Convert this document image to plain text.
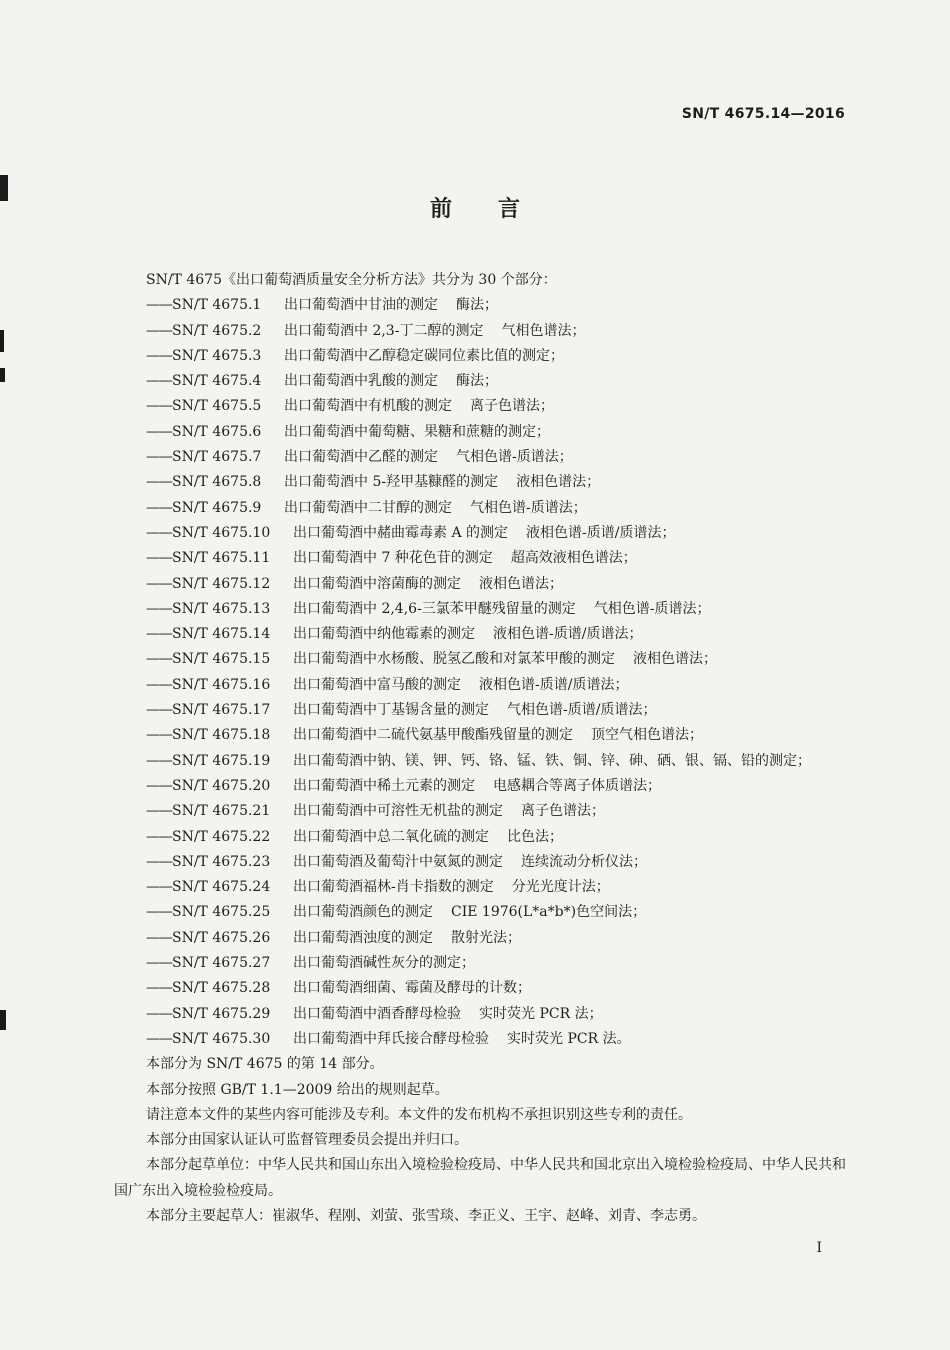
SN/T 4675.14—2016
前言
SN/T 4675《出口葡萄酒质量安全分析方法》共分为 30 个部分：
—— SN/T 4675.1	出口葡萄酒中甘油的测定	酶法；
—— SN/T 4675.2	出口葡萄酒中 2,3-丁二醇的测定	气相色谱法；
—— SN/T 4675.3	出口葡萄酒中乙醇稳定碳同位素比值的测定；
—— SN/T 4675.4	出口葡萄酒中乳酸的测定	酶法；
—— SN/T 4675.5	出口葡萄酒中有机酸的测定	离子色谱法；
—— SN/T 4675.6	出口葡萄酒中葡萄糖、果糖和蔗糖的测定；
—— SN/T 4675.7	出口葡萄酒中乙醛的测定	气相色谱-质谱法；
—— SN/T 4675.8	出口葡萄酒中 5-羟甲基糠醛的测定	液相色谱法；
—— SN/T 4675.9	出口葡萄酒中二甘醇的测定	气相色谱-质谱法；
—— SN/T 4675.10	出口葡萄酒中赭曲霉毒素 A 的测定	液相色谱-质谱/质谱法；
—— SN/T 4675.11	出口葡萄酒中 7 种花色苷的测定	超高效液相色谱法；
—— SN/T 4675.12	出口葡萄酒中溶菌酶的测定	液相色谱法；
—— SN/T 4675.13	出口葡萄酒中 2,4,6-三氯苯甲醚残留量的测定	气相色谱-质谱法；
—— SN/T 4675.14	出口葡萄酒中纳他霉素的测定	液相色谱-质谱/质谱法；
—— SN/T 4675.15	出口葡萄酒中水杨酸、脱氢乙酸和对氯苯甲酸的测定	液相色谱法；
—— SN/T 4675.16	出口葡萄酒中富马酸的测定	液相色谱-质谱/质谱法；
—— SN/T 4675.17	出口葡萄酒中丁基锡含量的测定	气相色谱-质谱/质谱法；
—— SN/T 4675.18	出口葡萄酒中二硫代氨基甲酸酯残留量的测定	顶空气相色谱法；
—— SN/T 4675.19	出口葡萄酒中钠、镁、钾、钙、铬、锰、铁、铜、锌、砷、硒、银、镉、铅的测定；
—— SN/T 4675.20	出口葡萄酒中稀土元素的测定	电感耦合等离子体质谱法；
—— SN/T 4675.21	出口葡萄酒中可溶性无机盐的测定	离子色谱法；
—— SN/T 4675.22	出口葡萄酒中总二氧化硫的测定	比色法；
—— SN/T 4675.23	出口葡萄酒及葡萄汁中氨氮的测定	连续流动分析仪法；
—— SN/T 4675.24	出口葡萄酒福林-肖卡指数的测定	分光光度计法；
—— SN/T 4675.25	出口葡萄酒颜色的测定	CIE 1976(L*a*b*)色空间法；
—— SN/T 4675.26	出口葡萄酒浊度的测定	散射光法；
—— SN/T 4675.27	出口葡萄酒碱性灰分的测定；
—— SN/T 4675.28	出口葡萄酒细菌、霉菌及酵母的计数；
—— SN/T 4675.29	出口葡萄酒中酒香酵母检验	实时荧光 PCR 法；
—— SN/T 4675.30	出口葡萄酒中拜氏接合酵母检验	实时荧光 PCR 法。
本部分为 SN/T 4675 的第 14 部分。
本部分按照 GB/T 1.1—2009 给出的规则起草。
请注意本文件的某些内容可能涉及专利。本文件的发布机构不承担识别这些专利的责任。
本部分由国家认证认可监督管理委员会提出并归口。
本部分起草单位：中华人民共和国山东出入境检验检疫局、中华人民共和国北京出入境检验检疫局、中华人民共和国广东出入境检验检疫局。
本部分主要起草人：崔淑华、程刚、刘萤、张雪琰、李正义、王宇、赵峰、刘青、李志勇。
I
